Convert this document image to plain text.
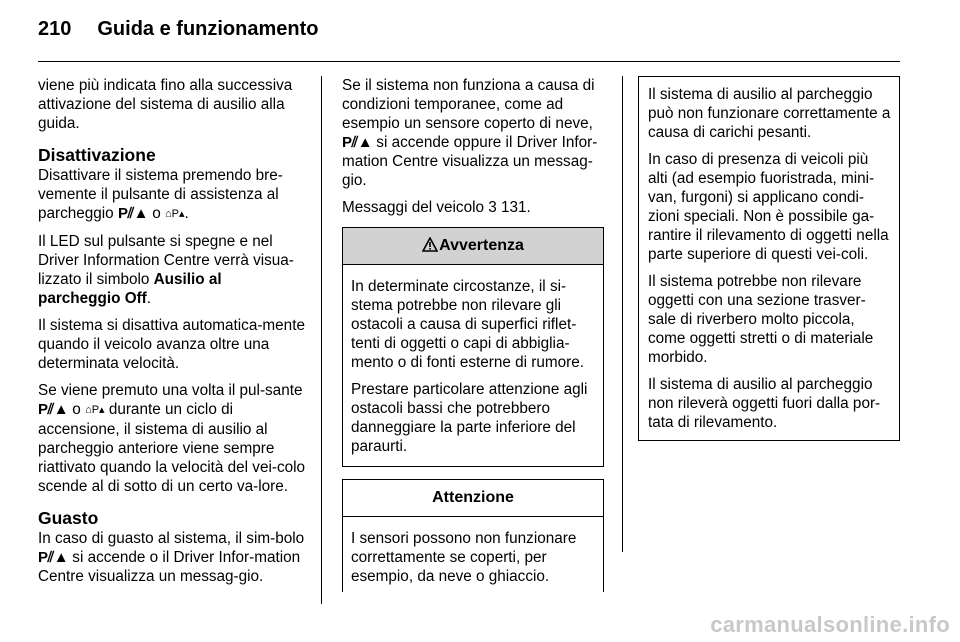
210 Guida e funzionamento

viene più indicata fino alla successiva attivazione del sistema di ausilio alla guida.

Disattivazione

Disattivare il sistema premendo bre-vemente il pulsante di assistenza al parcheggio P⫽▲ o ⌂P▴.

Il LED sul pulsante si spegne e nel Driver Information Centre verrà visua-lizzato il simbolo Ausilio al parcheggio Off.

Il sistema si disattiva automatica-mente quando il veicolo avanza oltre una determinata velocità.

Se viene premuto una volta il pul-sante P⫽▲ o ⌂P▴ durante un ciclo di accensione, il sistema di ausilio al parcheggio anteriore viene sempre riattivato quando la velocità del vei-colo scende al di sotto di un certo va-lore.

Guasto

In caso di guasto al sistema, il sim-bolo P⫽▲ si accende o il Driver Infor-mation Centre visualizza un messag-gio.

Se il sistema non funziona a causa di condizioni temporanee, come ad esempio un sensore coperto di neve, P⫽▲ si accende oppure il Driver Infor-mation Centre visualizza un messag-gio.

Messaggi del veicolo 3 131.

Avvertenza

In determinate circostanze, il si-stema potrebbe non rilevare gli ostacoli a causa di superfici riflet-tenti di oggetti o capi di abbiglia-mento o di fonti esterne di rumore.

Prestare particolare attenzione agli ostacoli bassi che potrebbero danneggiare la parte inferiore del paraurti.

Attenzione

I sensori possono non funzionare correttamente se coperti, per esempio, da neve o ghiaccio.

Il sistema di ausilio al parcheggio può non funzionare correttamente a causa di carichi pesanti.

In caso di presenza di veicoli più alti (ad esempio fuoristrada, mini-van, furgoni) si applicano condi-zioni speciali. Non è possibile ga-rantire il rilevamento di oggetti nella parte superiore di questi vei-coli.

Il sistema potrebbe non rilevare oggetti con una sezione trasver-sale di riverbero molto piccola, come oggetti stretti o di materiale morbido.

Il sistema di ausilio al parcheggio non rileverà oggetti fuori dalla por-tata di rilevamento.

carmanualsonline.info
